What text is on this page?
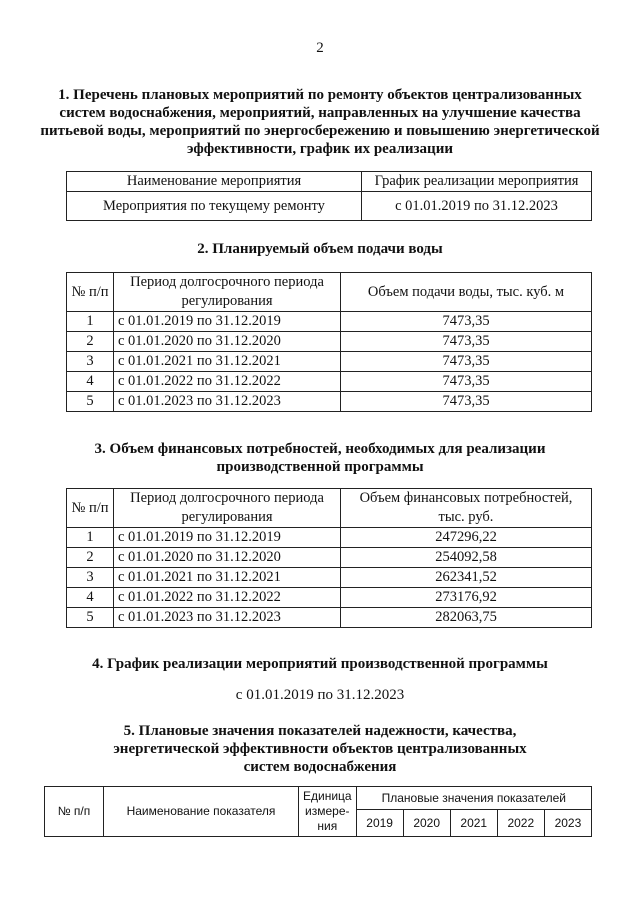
2
1. Перечень плановых мероприятий по ремонту объектов централизованных систем водоснабжения, мероприятий, направленных на улучшение качества питьевой воды, мероприятий по энергосбережению и повышению энергетической эффективности, график их реализации
Наименование мероприятия	График реализации мероприятия
Мероприятия по текущему ремонту	с 01.01.2019 по 31.12.2023
2. Планируемый объем подачи воды
№ п/п	Период долгосрочного периода регулирования	Объем подачи воды, тыс. куб. м
1	с 01.01.2019 по 31.12.2019	7473,35
2	с 01.01.2020 по 31.12.2020	7473,35
3	с 01.01.2021 по 31.12.2021	7473,35
4	с 01.01.2022 по 31.12.2022	7473,35
5	с 01.01.2023 по 31.12.2023	7473,35
3. Объем финансовых потребностей, необходимых для реализации производственной программы
№ п/п	Период долгосрочного периода регулирования	Объем финансовых потребностей, тыс. руб.
1	с 01.01.2019 по 31.12.2019	247296,22
2	с 01.01.2020 по 31.12.2020	254092,58
3	с 01.01.2021 по 31.12.2021	262341,52
4	с 01.01.2022 по 31.12.2022	273176,92
5	с 01.01.2023 по 31.12.2023	282063,75
4. График реализации мероприятий производственной программы
с 01.01.2019 по 31.12.2023
5. Плановые значения показателей надежности, качества, энергетической эффективности объектов централизованных систем водоснабжения
№ п/п	Наименование показателя	Единица измере- ния	Плановые значения показателей				
			2019	2020	2021	2022	2023
